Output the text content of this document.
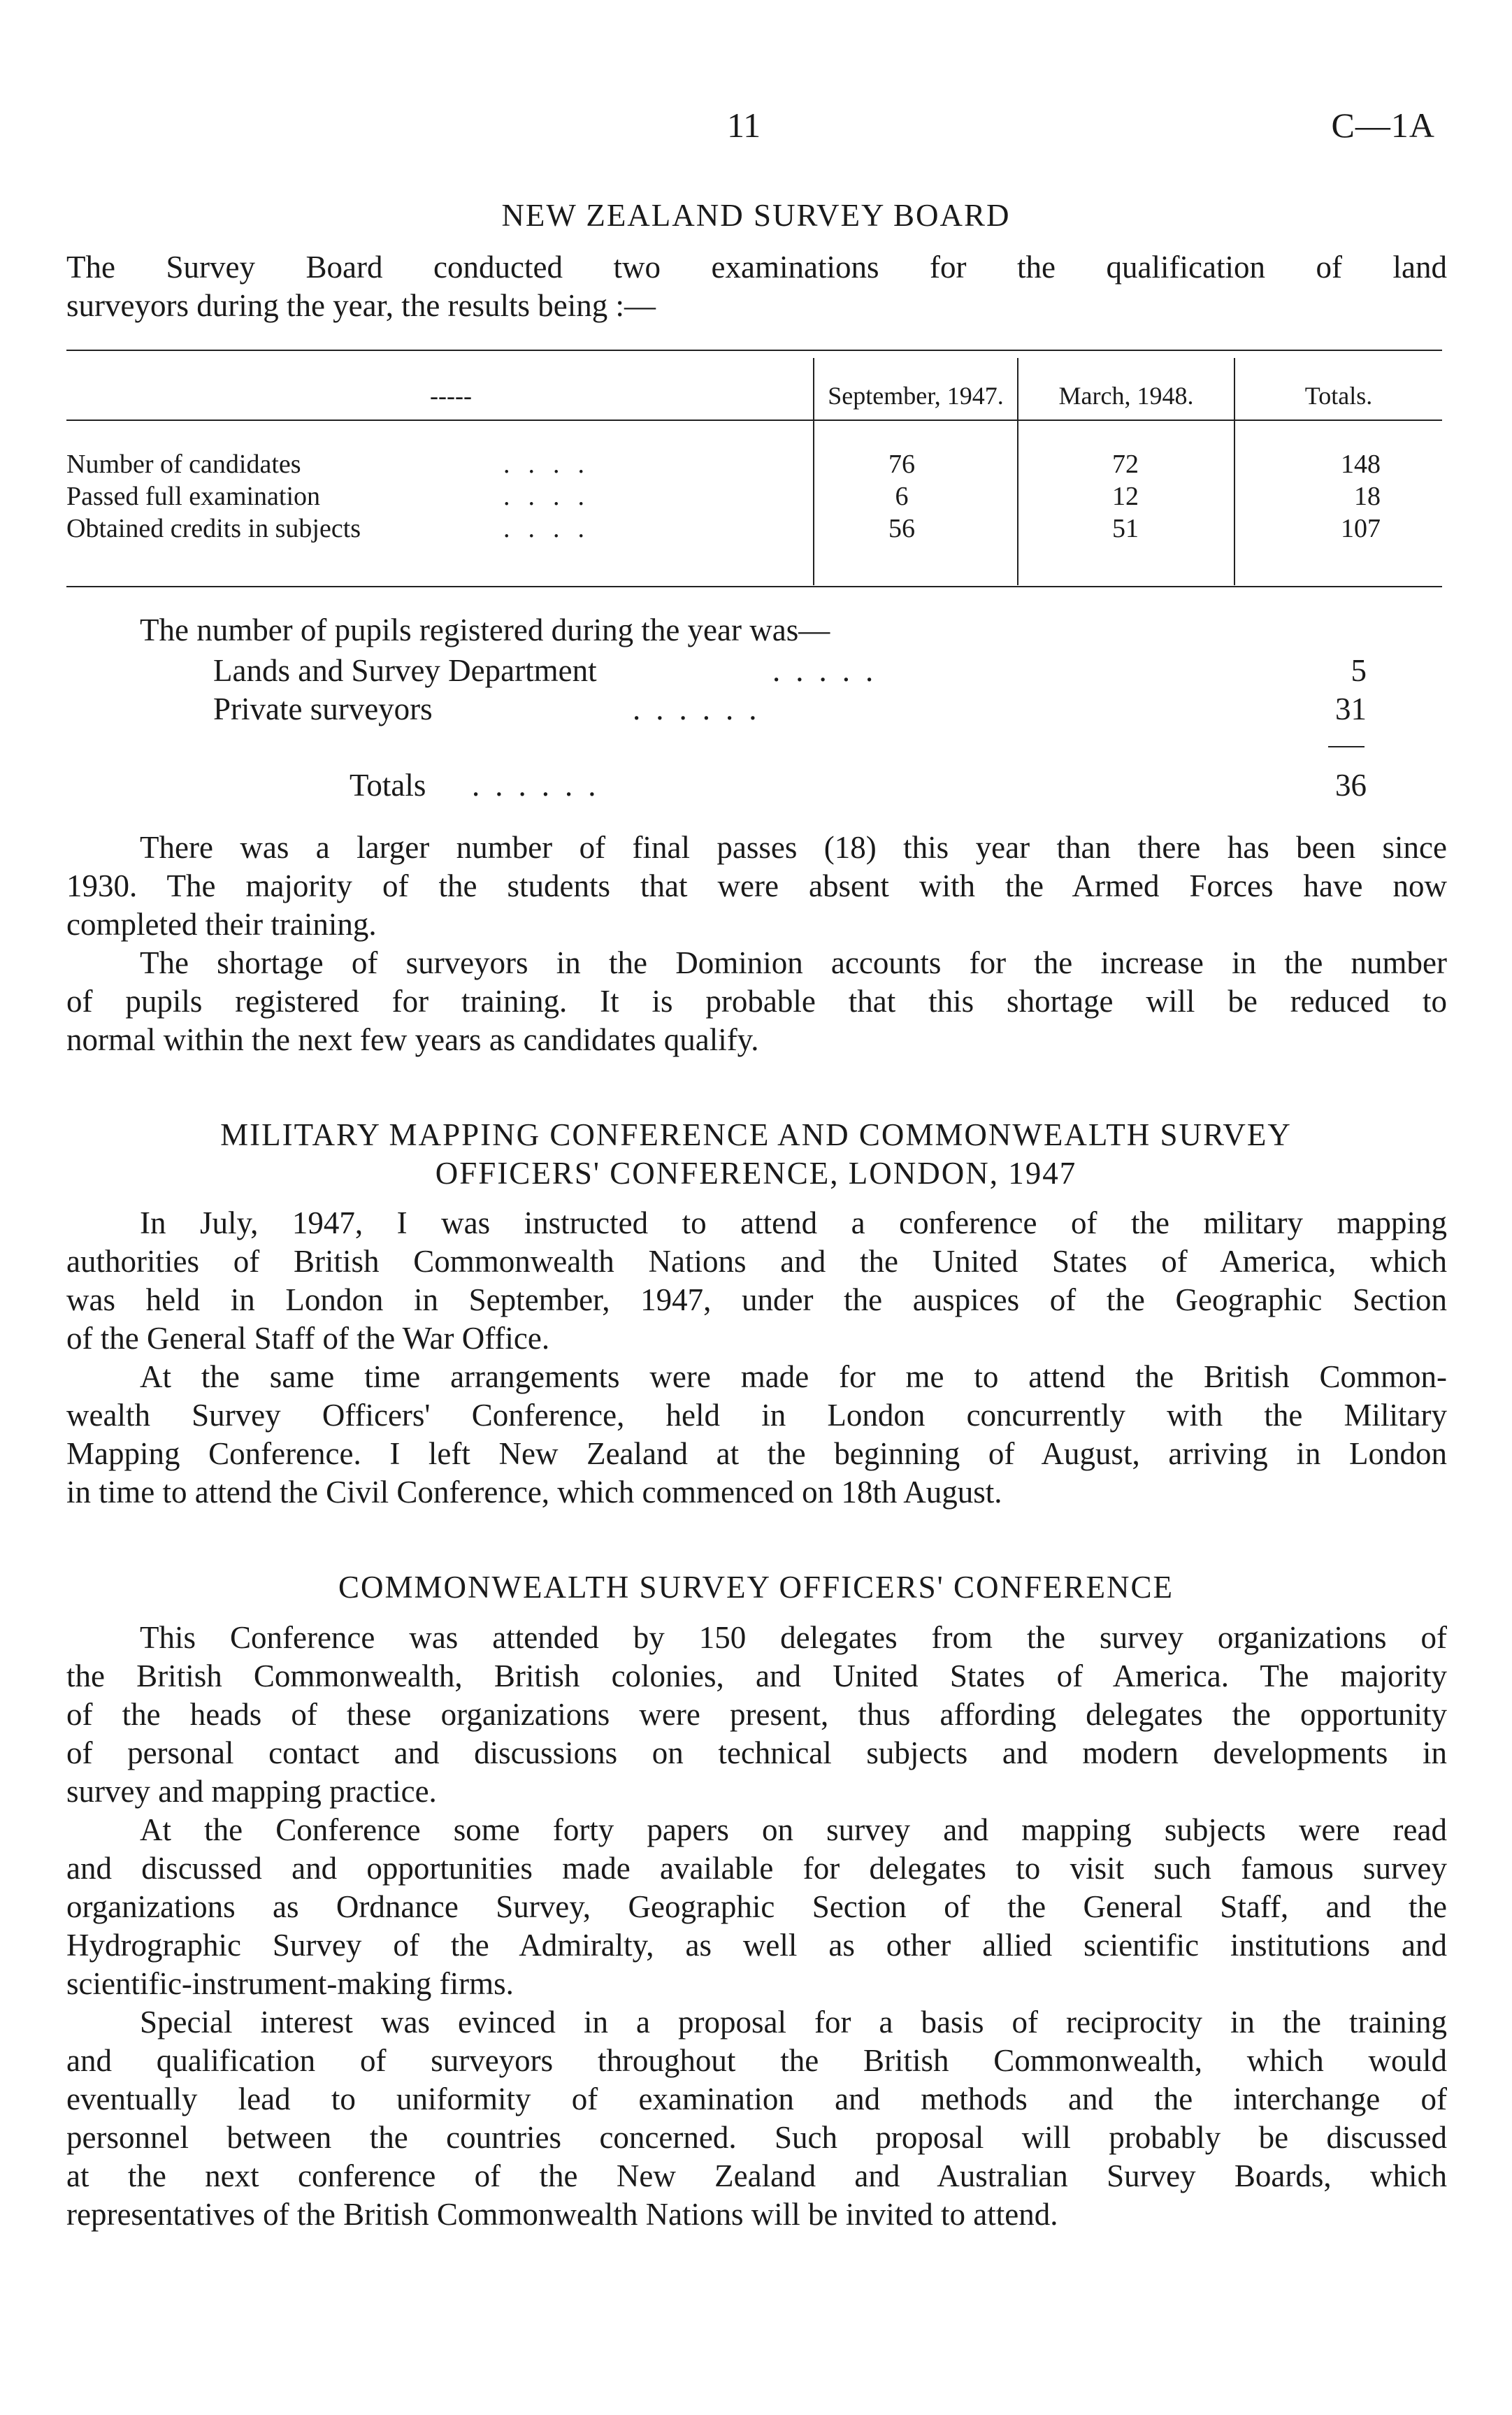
11	C—1A
NEW ZEALAND SURVEY BOARD

The Survey Board conducted two examinations for the qualification of land
surveyors during the year, the results being :—

-----	September, 1947.	March, 1948.	Totals.
Number of candidates	....	76	72	148
Passed full examination	....	6	12	18
Obtained credits in subjects	....	56	51	107
The number of pupils registered during the year was—
Lands and Survey Department	.....	5
Private surveyors	......	31
Totals ......	36

There was a larger number of final passes (18) this year than there has been since
1930. The majority of the students that were absent with the Armed Forces have now
completed their training.

The shortage of surveyors in the Dominion accounts for the increase in the number
of pupils registered for training. It is probable that this shortage will be reduced to
normal within the next few years as candidates qualify.

MILITARY MAPPING CONFERENCE AND COMMONWEALTH SURVEY
OFFICERS' CONFERENCE, LONDON, 1947

In July, 1947, I was instructed to attend a conference of the military mapping
authorities of British Commonwealth Nations and the United States of America, which
was held in London in September, 1947, under the auspices of the Geographic Section
of the General Staff of the War Office.

At the same time arrangements were made for me to attend the British Common-
wealth Survey Officers' Conference, held in London concurrently with the Military
Mapping Conference. I left New Zealand at the beginning of August, arriving in London
in time to attend the Civil Conference, which commenced on 18th August.

COMMONWEALTH SURVEY OFFICERS' CONFERENCE

This Conference was attended by 150 delegates from the survey organizations of
the British Commonwealth, British colonies, and United States of America. The majority
of the heads of these organizations were present, thus affording delegates the opportunity
of personal contact and discussions on technical subjects and modern developments in
survey and mapping practice.

At the Conference some forty papers on survey and mapping subjects were read
and discussed and opportunities made available for delegates to visit such famous survey
organizations as Ordnance Survey, Geographic Section of the General Staff, and the
Hydrographic Survey of the Admiralty, as well as other allied scientific institutions and
scientific-instrument-making firms.

Special interest was evinced in a proposal for a basis of reciprocity in the training
and qualification of surveyors throughout the British Commonwealth, which would
eventually lead to uniformity of examination and methods and the interchange of
personnel between the countries concerned. Such proposal will probably be discussed
at the next conference of the New Zealand and Australian Survey Boards, which
representatives of the British Commonwealth Nations will be invited to attend.
